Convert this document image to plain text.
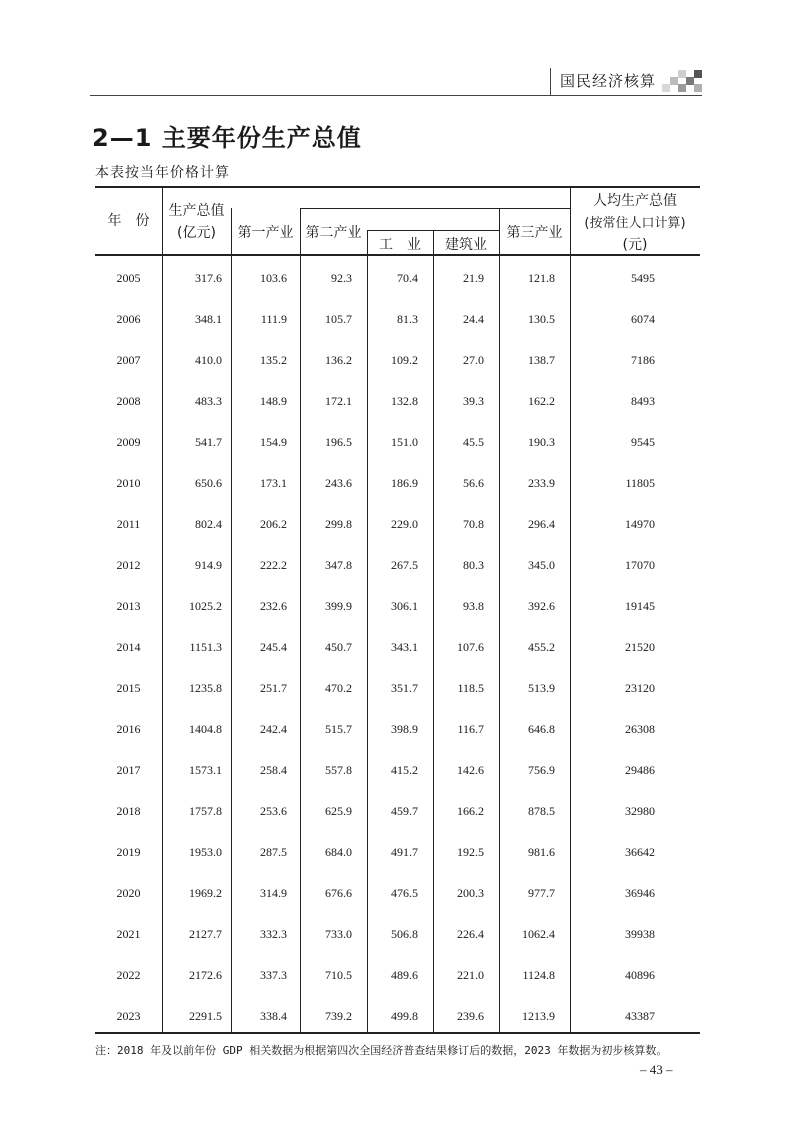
国民经济核算
2—1 主要年份生产总值
本表按当年价格计算
年　份
生产总值
(亿元)	第一产业 第二产业
工　业	建筑业
第三产业
人均生产总值
(按常住人口计算)
(元)
2005	317.6	103.6	92.3	70.4	21.9	121.8	5495
2006	348.1	111.9	105.7	81.3	24.4	130.5	6074
2007	410.0	135.2	136.2	109.2	27.0	138.7	7186
2008	483.3	148.9	172.1	132.8	39.3	162.2	8493
2009	541.7	154.9	196.5	151.0	45.5	190.3	9545
2010	650.6	173.1	243.6	186.9	56.6	233.9	11805
2011	802.4	206.2	299.8	229.0	70.8	296.4	14970
2012	914.9	222.2	347.8	267.5	80.3	345.0	17070
2013	1025.2	232.6	399.9	306.1	93.8	392.6	19145
2014	1151.3	245.4	450.7	343.1	107.6	455.2	21520
2015	1235.8	251.7	470.2	351.7	118.5	513.9	23120
2016	1404.8	242.4	515.7	398.9	116.7	646.8	26308
2017	1573.1	258.4	557.8	415.2	142.6	756.9	29486
2018	1757.8	253.6	625.9	459.7	166.2	878.5	32980
2019	1953.0	287.5	684.0	491.7	192.5	981.6	36642
2020	1969.2	314.9	676.6	476.5	200.3	977.7	36946
2021	2127.7	332.3	733.0	506.8	226.4	1062.4	39938
2022	2172.6	337.3	710.5	489.6	221.0	1124.8	40896
2023	2291.5	338.4	739.2	499.8	239.6	1213.9	43387
注：2018 年及以前年份 GDP 相关数据为根据第四次全国经济普查结果修订后的数据，2023 年数据为初步核算数。
– 43 –
